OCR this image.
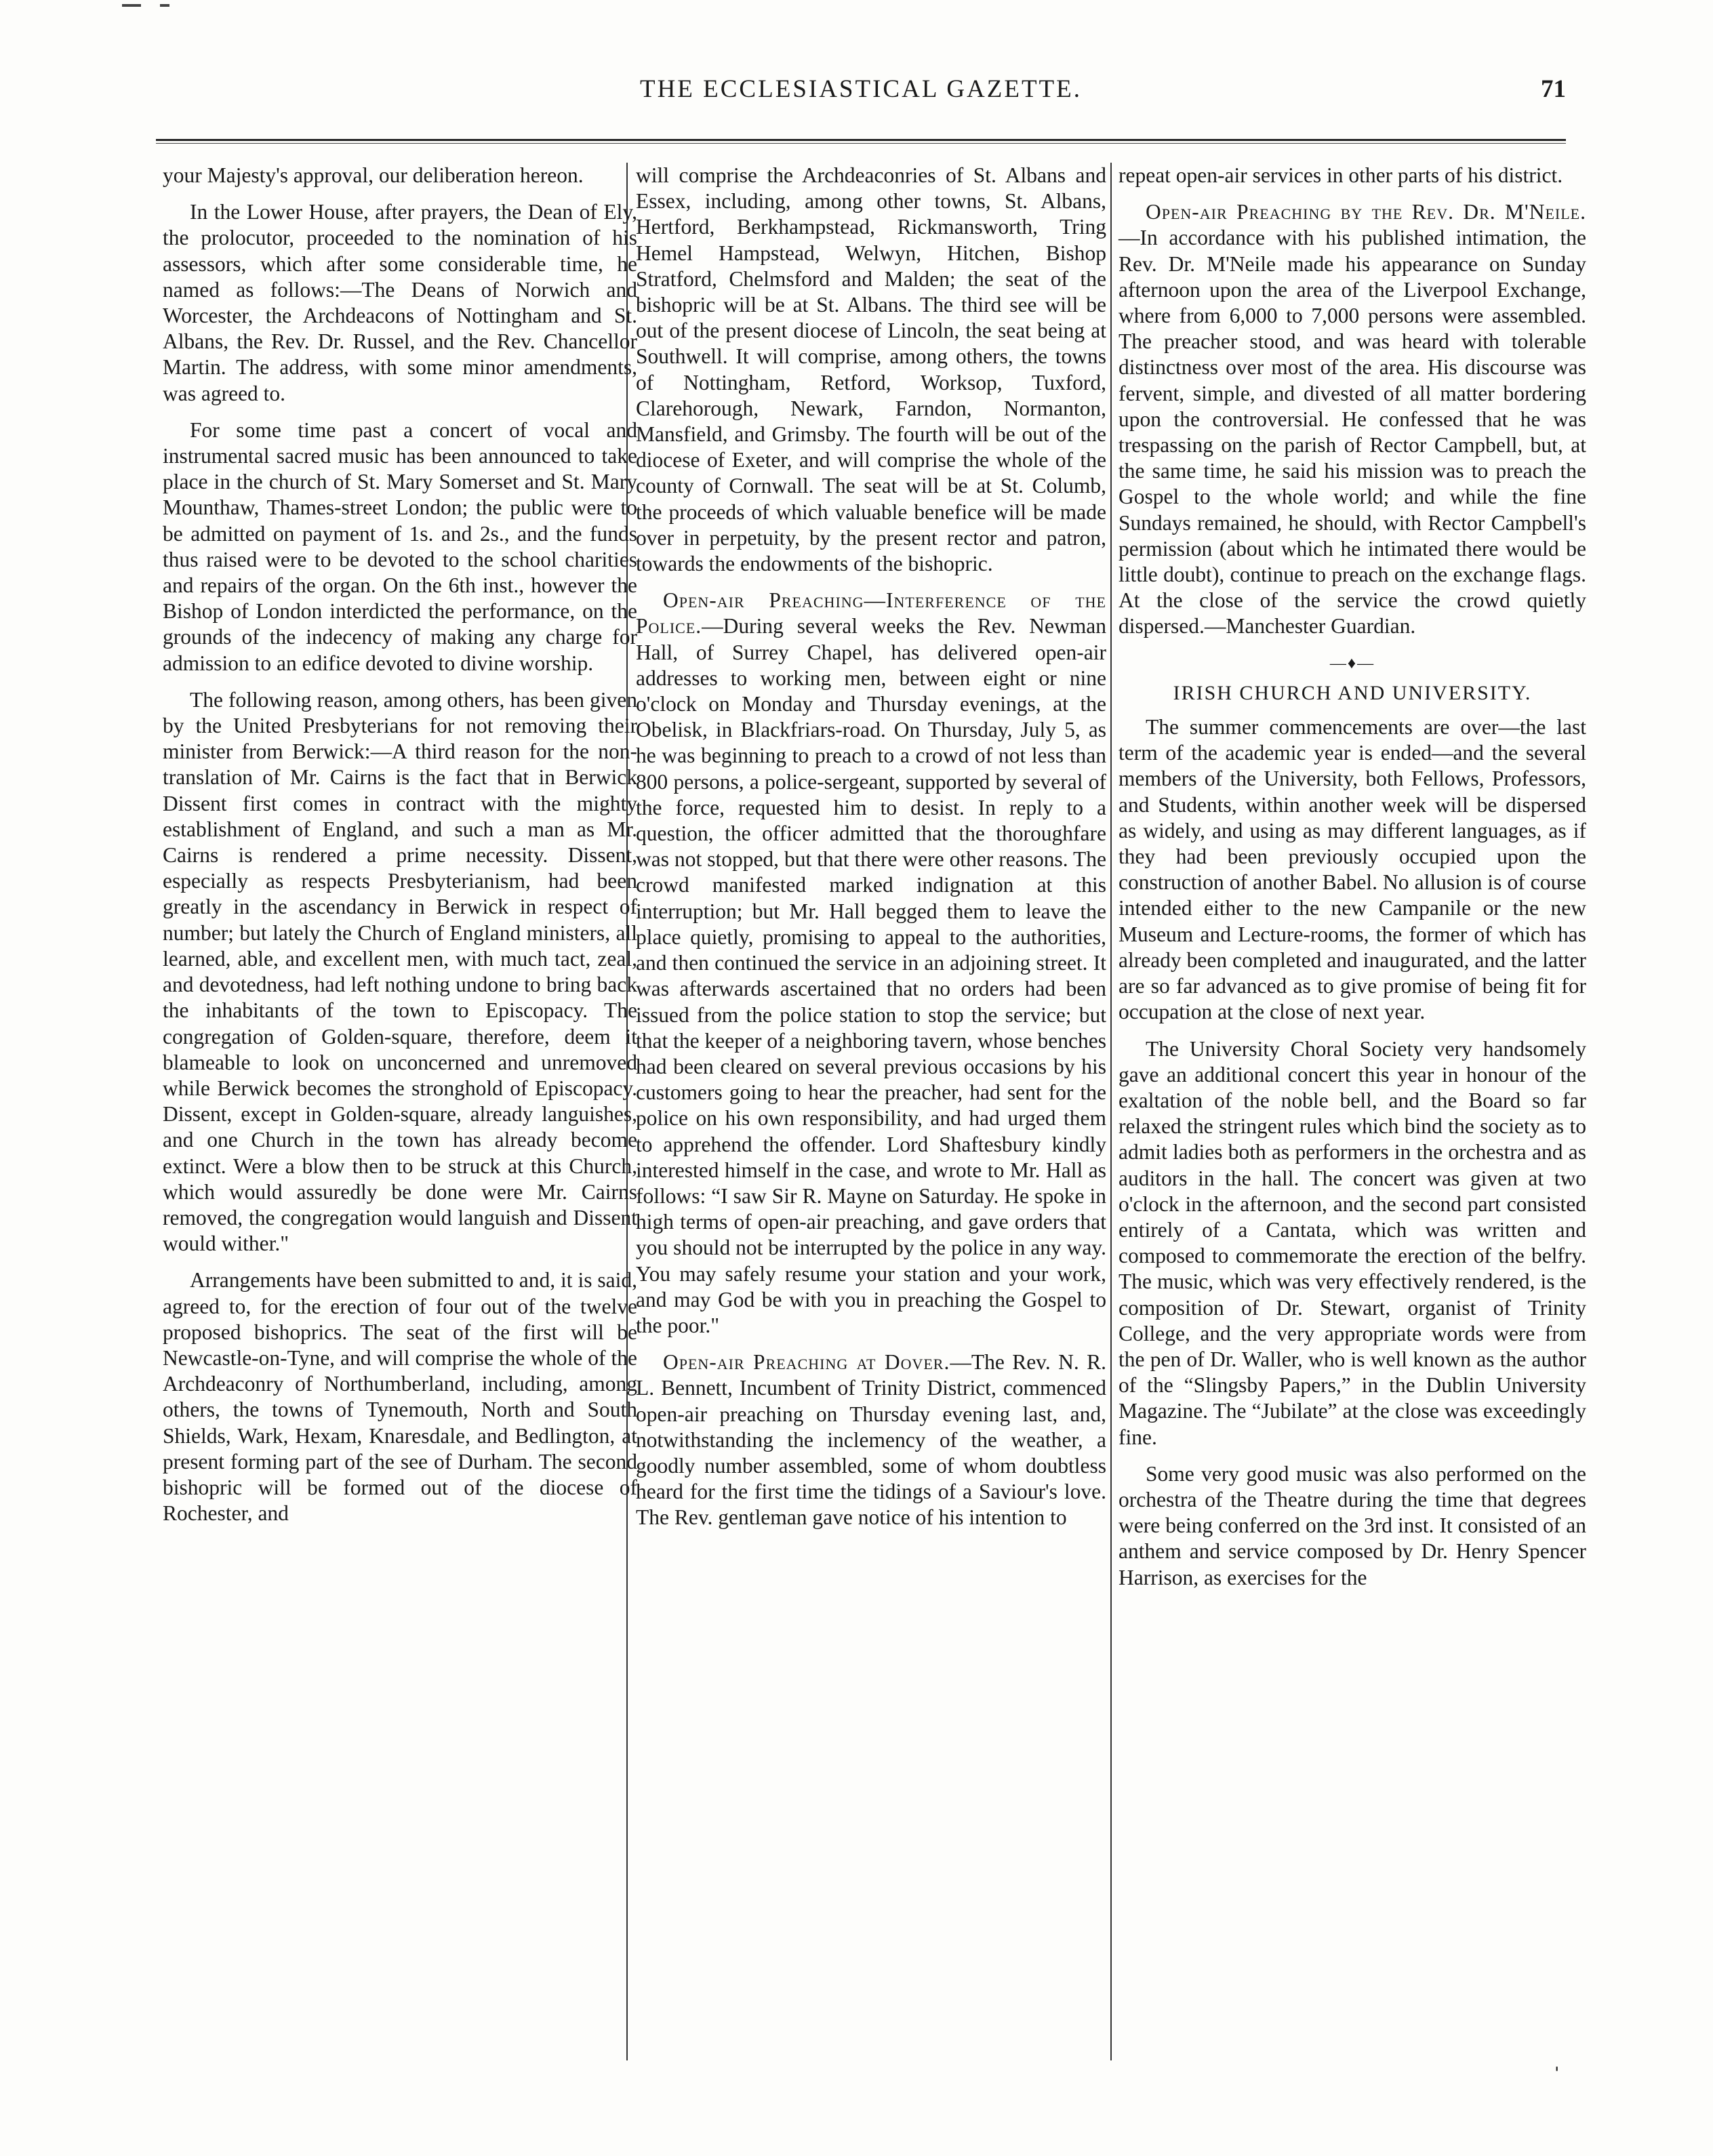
THE ECCLESIASTICAL GAZETTE.	71

your Majesty's approval, our deliberation hereon.

In the Lower House, after prayers, the Dean of Ely, the prolocutor, proceeded to the nomination of his assessors, which after some considerable time, he named as follows:—The Deans of Norwich and Worcester, the Archdeacons of Nottingham and St. Albans, the Rev. Dr. Russel, and the Rev. Chancellor Martin. The address, with some minor amendments, was agreed to.

For some time past a concert of vocal and instrumental sacred music has been announced to take place in the church of St. Mary Somerset and St. Mary Mounthaw, Thames-street London; the public were to be admitted on payment of 1s. and 2s., and the funds thus raised were to be devoted to the school charities and repairs of the organ. On the 6th inst., however the Bishop of London interdicted the performance, on the grounds of the indecency of making any charge for admission to an edifice devoted to divine worship.

The following reason, among others, has been given by the United Presbyterians for not removing their minister from Berwick:—A third reason for the non-translation of Mr. Cairns is the fact that in Berwick Dissent first comes in contract with the mighty establishment of England, and such a man as Mr. Cairns is rendered a prime necessity. Dissent, especially as respects Presbyterianism, had been greatly in the ascendancy in Berwick in respect of number; but lately the Church of England ministers, all learned, able, and excellent men, with much tact, zeal, and devotedness, had left nothing undone to bring back the inhabitants of the town to Episcopacy. The congregation of Golden-square, therefore, deem it blameable to look on unconcerned and unremoved while Berwick becomes the stronghold of Episcopacy. Dissent, except in Golden-square, already languishes, and one Church in the town has already become extinct. Were a blow then to be struck at this Church, which would assuredly be done were Mr. Cairns removed, the congregation would languish and Dissent would wither."

Arrangements have been submitted to and, it is said, agreed to, for the erection of four out of the twelve proposed bishoprics. The seat of the first will be Newcastle-on-Tyne, and will comprise the whole of the Archdeaconry of Northumberland, including, among others, the towns of Tynemouth, North and South Shields, Wark, Hexam, Knaresdale, and Bedlington, at present forming part of the see of Durham. The second bishopric will be formed out of the diocese of Rochester, and

will comprise the Archdeaconries of St. Albans and Essex, including, among other towns, St. Albans, Hertford, Berkhampstead, Rickmansworth, Tring Hemel Hampstead, Welwyn, Hitchen, Bishop Stratford, Chelmsford and Malden; the seat of the bishopric will be at St. Albans. The third see will be out of the present diocese of Lincoln, the seat being at Southwell. It will comprise, among others, the towns of Nottingham, Retford, Worksop, Tuxford, Clarehorough, Newark, Farndon, Normanton, Mansfield, and Grimsby. The fourth will be out of the diocese of Exeter, and will comprise the whole of the county of Cornwall. The seat will be at St. Columb, the proceeds of which valuable benefice will be made over in perpetuity, by the present rector and patron, towards the endowments of the bishopric.

Open-air Preaching—Interference of the Police.—During several weeks the Rev. Newman Hall, of Surrey Chapel, has delivered open-air addresses to working men, between eight or nine o'clock on Monday and Thursday evenings, at the Obelisk, in Blackfriars-road. On Thursday, July 5, as he was beginning to preach to a crowd of not less than 800 persons, a police-sergeant, supported by several of the force, requested him to desist. In reply to a question, the officer admitted that the thoroughfare was not stopped, but that there were other reasons. The crowd manifested marked indignation at this interruption; but Mr. Hall begged them to leave the place quietly, promising to appeal to the authorities, and then continued the service in an adjoining street. It was afterwards ascertained that no orders had been issued from the police station to stop the service; but that the keeper of a neighboring tavern, whose benches had been cleared on several previous occasions by his customers going to hear the preacher, had sent for the police on his own responsibility, and had urged them to apprehend the offender. Lord Shaftesbury kindly interested himself in the case, and wrote to Mr. Hall as follows: “I saw Sir R. Mayne on Saturday. He spoke in high terms of open-air preaching, and gave orders that you should not be interrupted by the police in any way. You may safely resume your station and your work, and may God be with you in preaching the Gospel to the poor."

Open-air Preaching at Dover.—The Rev. N. R. L. Bennett, Incumbent of Trinity District, commenced open-air preaching on Thursday evening last, and, notwithstanding the inclemency of the weather, a goodly number assembled, some of whom doubtless heard for the first time the tidings of a Saviour's love. The Rev. gentleman gave notice of his intention to

repeat open-air services in other parts of his district.

Open-air Preaching by the Rev. Dr. M'Neile.—In accordance with his published intimation, the Rev. Dr. M'Neile made his appearance on Sunday afternoon upon the area of the Liverpool Exchange, where from 6,000 to 7,000 persons were assembled. The preacher stood, and was heard with tolerable distinctness over most of the area. His discourse was fervent, simple, and divested of all matter bordering upon the controversial. He confessed that he was trespassing on the parish of Rector Campbell, but, at the same time, he said his mission was to preach the Gospel to the whole world; and while the fine Sundays remained, he should, with Rector Campbell's permission (about which he intimated there would be little doubt), continue to preach on the exchange flags. At the close of the service the crowd quietly dispersed.—Manchester Guardian.

—♦—
IRISH CHURCH AND UNIVERSITY.

The summer commencements are over—the last term of the academic year is ended—and the several members of the University, both Fellows, Professors, and Students, within another week will be dispersed as widely, and using as may different languages, as if they had been previously occupied upon the construction of another Babel. No allusion is of course intended either to the new Campanile or the new Museum and Lecture-rooms, the former of which has already been completed and inaugurated, and the latter are so far advanced as to give promise of being fit for occupation at the close of next year.

The University Choral Society very handsomely gave an additional concert this year in honour of the exaltation of the noble bell, and the Board so far relaxed the stringent rules which bind the society as to admit ladies both as performers in the orchestra and as auditors in the hall. The concert was given at two o'clock in the afternoon, and the second part consisted entirely of a Cantata, which was written and composed to commemorate the erection of the belfry. The music, which was very effectively rendered, is the composition of Dr. Stewart, organist of Trinity College, and the very appropriate words were from the pen of Dr. Waller, who is well known as the author of the “Slingsby Papers,” in the Dublin University Magazine. The “Jubilate” at the close was exceedingly fine.

Some very good music was also performed on the orchestra of the Theatre during the time that degrees were being conferred on the 3rd inst. It consisted of an anthem and service composed by Dr. Henry Spencer Harrison, as exercises for the

ˈ
